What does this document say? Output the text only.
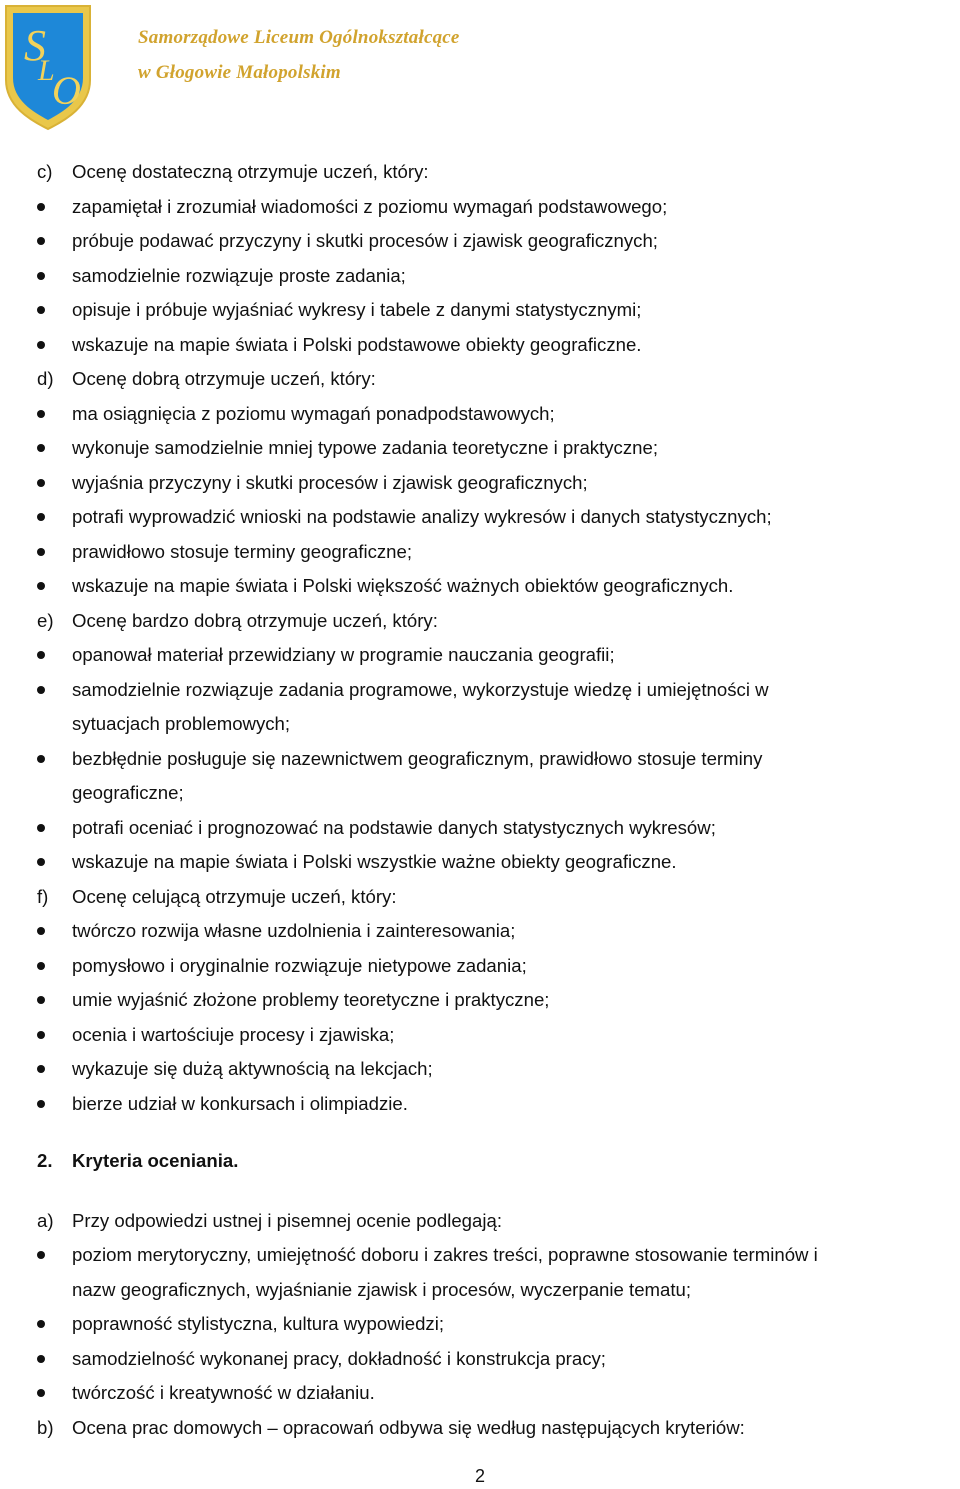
S
L
O
Samorządowe Liceum Ogólnokształcące
w Głogowie Małopolskim
c) Ocenę dostateczną otrzymuje uczeń, który:
zapamiętał i zrozumiał wiadomości z poziomu wymagań podstawowego;
próbuje podawać przyczyny i skutki procesów i zjawisk geograficznych;
samodzielnie rozwiązuje proste zadania;
opisuje i próbuje wyjaśniać wykresy i tabele z danymi statystycznymi;
wskazuje na mapie świata i Polski podstawowe obiekty geograficzne.
d) Ocenę dobrą otrzymuje uczeń, który:
ma osiągnięcia z poziomu wymagań ponadpodstawowych;
wykonuje samodzielnie mniej typowe zadania teoretyczne i praktyczne;
wyjaśnia przyczyny i skutki procesów i zjawisk geograficznych;
potrafi wyprowadzić wnioski na podstawie analizy wykresów i danych statystycznych;
prawidłowo stosuje terminy geograficzne;
wskazuje na mapie świata i Polski większość ważnych obiektów geograficznych.
e) Ocenę bardzo dobrą otrzymuje uczeń, który:
opanował materiał przewidziany w programie nauczania geografii;
samodzielnie rozwiązuje zadania programowe, wykorzystuje wiedzę i umiejętności w
sytuacjach problemowych;
bezbłędnie posługuje się nazewnictwem geograficznym, prawidłowo stosuje terminy
geograficzne;
potrafi oceniać i prognozować na podstawie danych statystycznych wykresów;
wskazuje na mapie świata i Polski wszystkie ważne obiekty geograficzne.
f) Ocenę celującą otrzymuje uczeń, który:
twórczo rozwija własne uzdolnienia i zainteresowania;
pomysłowo i oryginalnie rozwiązuje nietypowe zadania;
umie wyjaśnić złożone problemy teoretyczne i praktyczne;
ocenia i wartościuje procesy i zjawiska;
wykazuje się dużą aktywnością na lekcjach;
bierze udział w konkursach i olimpiadzie.
2. Kryteria oceniania.
a) Przy odpowiedzi ustnej i pisemnej ocenie podlegają:
poziom merytoryczny, umiejętność doboru i zakres treści, poprawne stosowanie terminów i
nazw geograficznych, wyjaśnianie zjawisk i procesów, wyczerpanie tematu;
poprawność stylistyczna, kultura wypowiedzi;
samodzielność wykonanej pracy, dokładność i konstrukcja pracy;
twórczość i kreatywność w działaniu.
b) Ocena prac domowych – opracowań odbywa się według następujących kryteriów:
2
